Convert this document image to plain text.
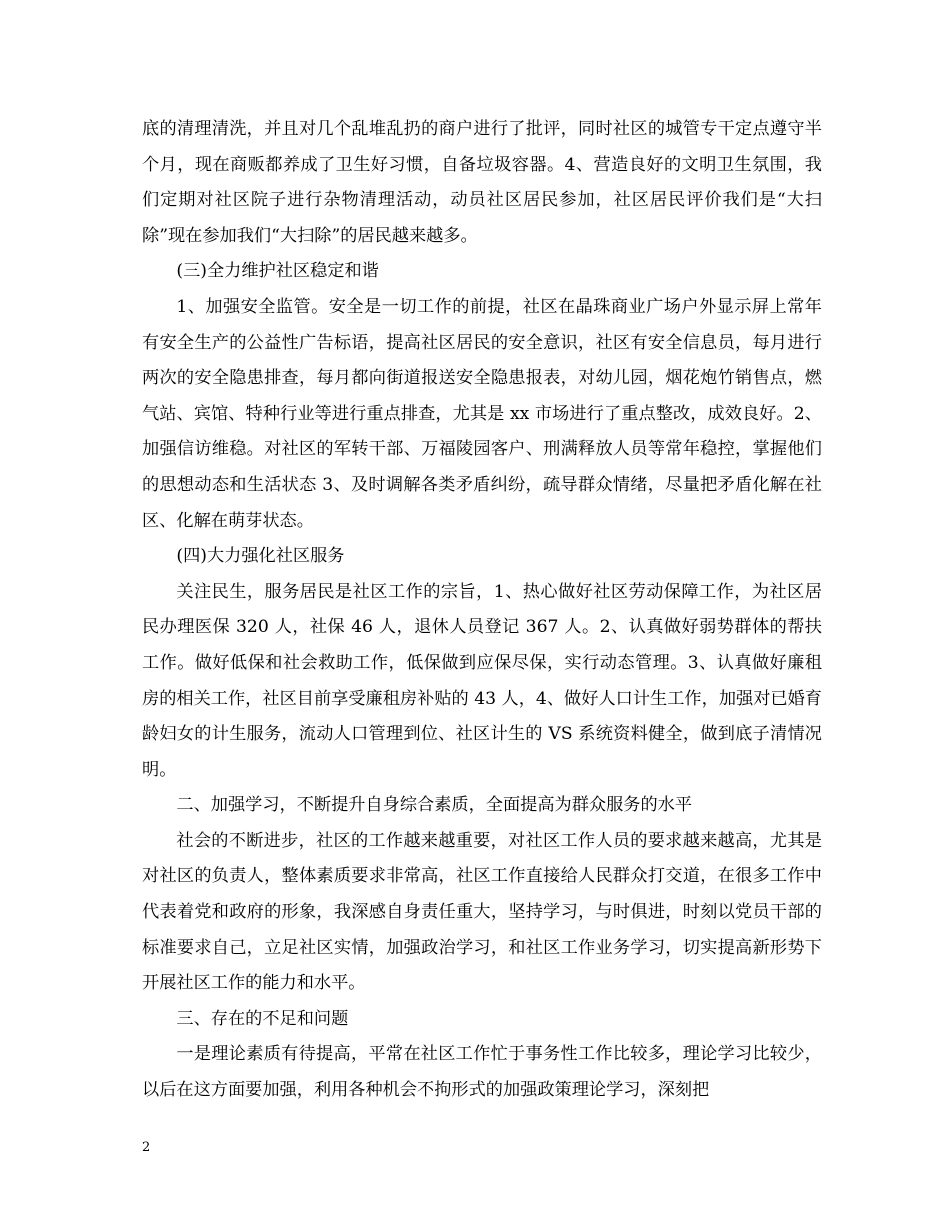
底的清理清洗，并且对几个乱堆乱扔的商户进行了批评，同时社区的城管专干定点遵守半个月，现在商贩都养成了卫生好习惯，自备垃圾容器。4、营造良好的文明卫生氛围，我们定期对社区院子进行杂物清理活动，动员社区居民参加，社区居民评价我们是“大扫除”现在参加我们“大扫除”的居民越来越多。

(三)全力维护社区稳定和谐

1、加强安全监管。安全是一切工作的前提，社区在晶珠商业广场户外显示屏上常年有安全生产的公益性广告标语，提高社区居民的安全意识，社区有安全信息员，每月进行两次的安全隐患排查，每月都向街道报送安全隐患报表，对幼儿园，烟花炮竹销售点，燃气站、宾馆、特种行业等进行重点排查，尤其是 xx 市场进行了重点整改，成效良好。2、加强信访维稳。对社区的军转干部、万福陵园客户、刑满释放人员等常年稳控，掌握他们的思想动态和生活状态 3、及时调解各类矛盾纠纷，疏导群众情绪，尽量把矛盾化解在社区、化解在萌芽状态。

(四)大力强化社区服务

关注民生，服务居民是社区工作的宗旨，1、热心做好社区劳动保障工作，为社区居民办理医保 320 人，社保 46 人，退休人员登记 367 人。2、认真做好弱势群体的帮扶工作。做好低保和社会救助工作，低保做到应保尽保，实行动态管理。3、认真做好廉租房的相关工作，社区目前享受廉租房补贴的 43 人，4、做好人口计生工作，加强对已婚育龄妇女的计生服务，流动人口管理到位、社区计生的 VS 系统资料健全，做到底子清情况明。

二、加强学习，不断提升自身综合素质，全面提高为群众服务的水平

社会的不断进步，社区的工作越来越重要，对社区工作人员的要求越来越高，尤其是对社区的负责人，整体素质要求非常高，社区工作直接给人民群众打交道，在很多工作中代表着党和政府的形象，我深感自身责任重大，坚持学习，与时俱进，时刻以党员干部的标准要求自己，立足社区实情，加强政治学习，和社区工作业务学习，切实提高新形势下开展社区工作的能力和水平。

三、存在的不足和问题

一是理论素质有待提高，平常在社区工作忙于事务性工作比较多，理论学习比较少，以后在这方面要加强，利用各种机会不拘形式的加强政策理论学习，深刻把

2
